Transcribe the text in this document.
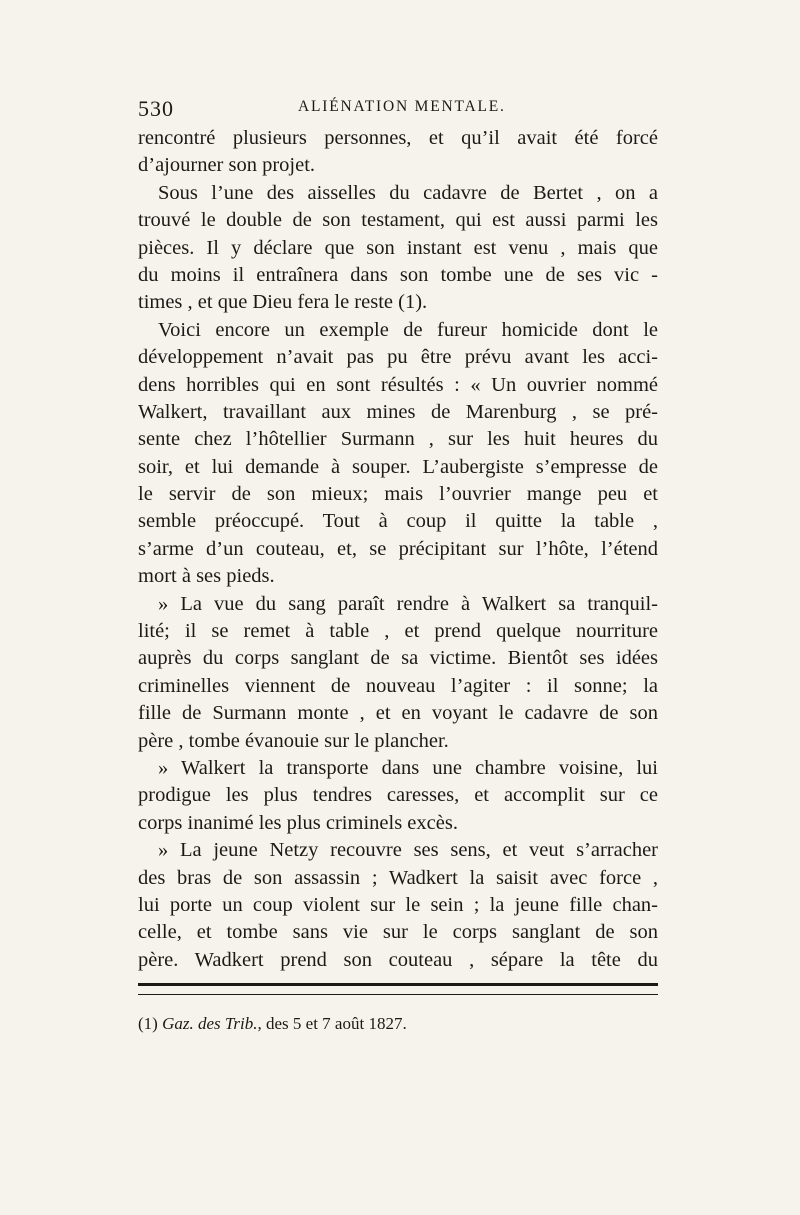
530	ALIÉNATION MENTALE.
rencontré plusieurs personnes, et qu’il avait été forcé
d’ajourner son projet.
Sous l’une des aisselles du cadavre de Bertet , on a
trouvé le double de son testament, qui est aussi parmi les
pièces. Il y déclare que son instant est venu , mais que
du moins il entraînera dans son tombe une de ses vic -
times , et que Dieu fera le reste (1).
Voici encore un exemple de fureur homicide dont le
développement n’avait pas pu être prévu avant les acci-
dens horribles qui en sont résultés : « Un ouvrier nommé
Walkert, travaillant aux mines de Marenburg , se pré-
sente chez l’hôtellier Surmann , sur les huit heures du
soir, et lui demande à souper. L’aubergiste s’empresse de
le servir de son mieux; mais l’ouvrier mange peu et
semble préoccupé. Tout à coup il quitte la table ,
s’arme d’un couteau, et, se précipitant sur l’hôte, l’étend
mort à ses pieds.
» La vue du sang paraît rendre à Walkert sa tranquil-
lité; il se remet à table , et prend quelque nourriture
auprès du corps sanglant de sa victime. Bientôt ses idées
criminelles viennent de nouveau l’agiter : il sonne; la
fille de Surmann monte , et en voyant le cadavre de son
père , tombe évanouie sur le plancher.
» Walkert la transporte dans une chambre voisine, lui
prodigue les plus tendres caresses, et accomplit sur ce
corps inanimé les plus criminels excès.
» La jeune Netzy recouvre ses sens, et veut s’arracher
des bras de son assassin ; Wadkert la saisit avec force ,
lui porte un coup violent sur le sein ; la jeune fille chan-
celle, et tombe sans vie sur le corps sanglant de son
père. Wadkert prend son couteau , sépare la tête du
(1) Gaz. des Trib., des 5 et 7 août 1827.
